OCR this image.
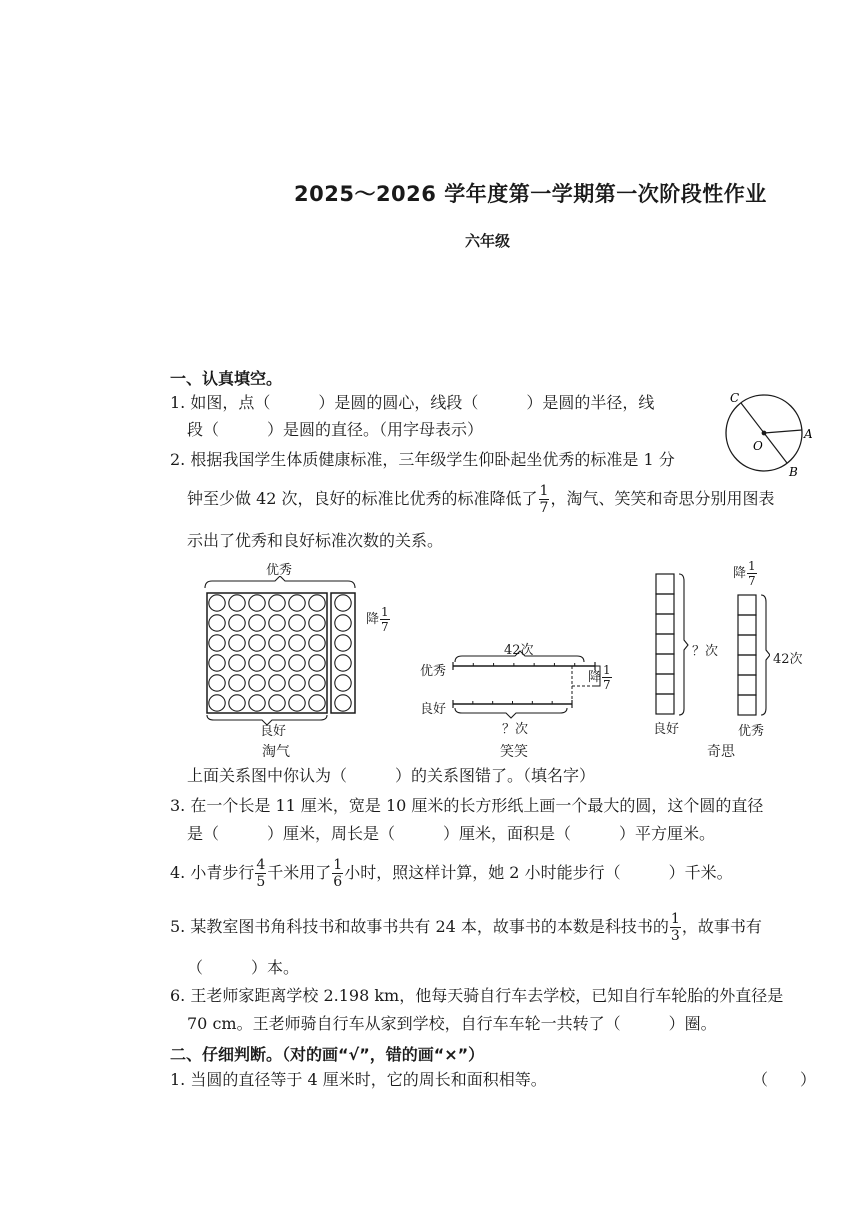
2025～2026 学年度第一学期第一次阶段性作业
六年级
一、认真填空。
1. 如图，点（　　　）是圆的圆心，线段（　　　）是圆的半径，线
段（　　　）是圆的直径。（用字母表示）
C
O
A
B
2. 根据我国学生体质健康标准，三年级学生仰卧起坐优秀的标准是 1 分
钟至少做 42 次，良好的标准比优秀的标准降低了 $\frac{1}{7}$ ，淘气、笑笑和奇思分别用图表
示出了优秀和良好标准次数的关系。
优秀
降 $\frac{1}{7}$
良好
淘气
42次
优秀
良好
降 $\frac{1}{7}$
？次
笑笑
降 $\frac{1}{7}$
？次
42次
良好	优秀
奇思
上面关系图中你认为（　　　）的关系图错了。（填名字）
3. 在一个长是 11 厘米，宽是 10 厘米的长方形纸上画一个最大的圆，这个圆的直径
是（　　　）厘米，周长是（　　　）厘米，面积是（　　　）平方厘米。
4. 小青步行 $\frac{4}{5}$ 千米用了 $\frac{1}{6}$ 小时，照这样计算，她 2 小时能步行（　　　）千米。
5. 某教室图书角科技书和故事书共有 24 本，故事书的本数是科技书的 $\frac{1}{3}$ ，故事书有
（　　　）本。
6. 王老师家距离学校 2.198 km，他每天骑自行车去学校，已知自行车轮胎的外直径是
70 cm。王老师骑自行车从家到学校，自行车车轮一共转了（　　　）圈。
二、仔细判断。（对的画“√”，错的画“×”）
1. 当圆的直径等于 4 厘米时，它的周长和面积相等。	（　　）
